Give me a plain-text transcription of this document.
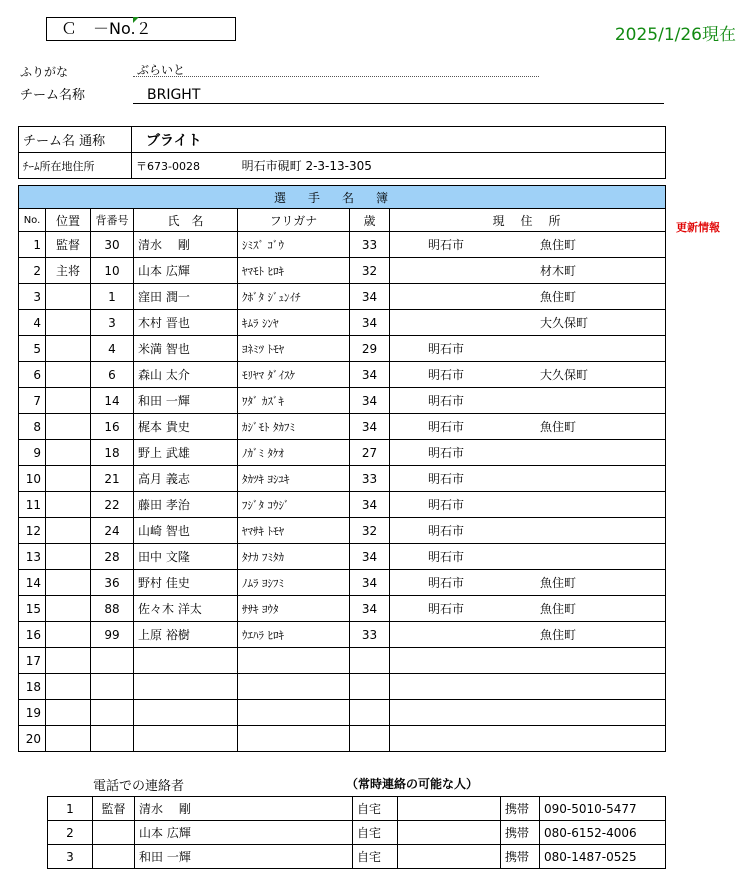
Ｃ　－No.２	2025/1/26現在
ふりがな	ぶらいと
チーム名称	BRIGHT
チーム名 通称	ブライト
ﾁｰﾑ所在地住所	〒673-0028 明石市硯町 2-3-13-305
更新情報
選手名簿						
No.	位置	背番号	氏　名	フリガナ	歳	現　住　所
1	監督	30	清水　 剛	ｼﾐｽﾞ ｺﾞｳ	33	明石市 魚住町
2	主将	10	山本 広輝	ﾔﾏﾓﾄ ﾋﾛｷ	32	材木町
3		1	窪田 潤一	ｸﾎﾞﾀ ｼﾞｭﾝｲﾁ	34	魚住町
4		3	木村 晋也	ｷﾑﾗ ｼﾝﾔ	34	大久保町
5		4	米満 智也	ﾖﾈﾐﾂ ﾄﾓﾔ	29	明石市
6		6	森山 太介	ﾓﾘﾔﾏ ﾀﾞｲｽｹ	34	明石市 大久保町
7		14	和田 一輝	ﾜﾀﾞ ｶｽﾞｷ	34	明石市
8		16	梶本 貴史	ｶｼﾞﾓﾄ ﾀｶﾌﾐ	34	明石市 魚住町
9		18	野上 武雄	ﾉｶﾞﾐ ﾀｹｵ	27	明石市
10		21	高月 義志	ﾀｶﾂｷ ﾖｼﾕｷ	33	明石市
11		22	藤田 孝治	ﾌｼﾞﾀ ｺｳｼﾞ	34	明石市
12		24	山崎 智也	ﾔﾏｻｷ ﾄﾓﾔ	32	明石市
13		28	田中 文隆	ﾀﾅｶ ﾌﾐﾀｶ	34	明石市
14		36	野村 佳史	ﾉﾑﾗ ﾖｼﾌﾐ	34	明石市 魚住町
15		88	佐々木 洋太	ｻｻｷ ﾖｳﾀ	34	明石市 魚住町
16		99	上原 裕樹	ｳｴﾊﾗ ﾋﾛｷ	33	魚住町
17						
18						
19						
20						
電話での連絡者	（常時連絡の可能な人）
1	監督	清水　 剛	自宅		携帯	090-5010-5477
2		山本 広輝	自宅		携帯	080-6152-4006
3		和田 一輝	自宅		携帯	080-1487-0525
